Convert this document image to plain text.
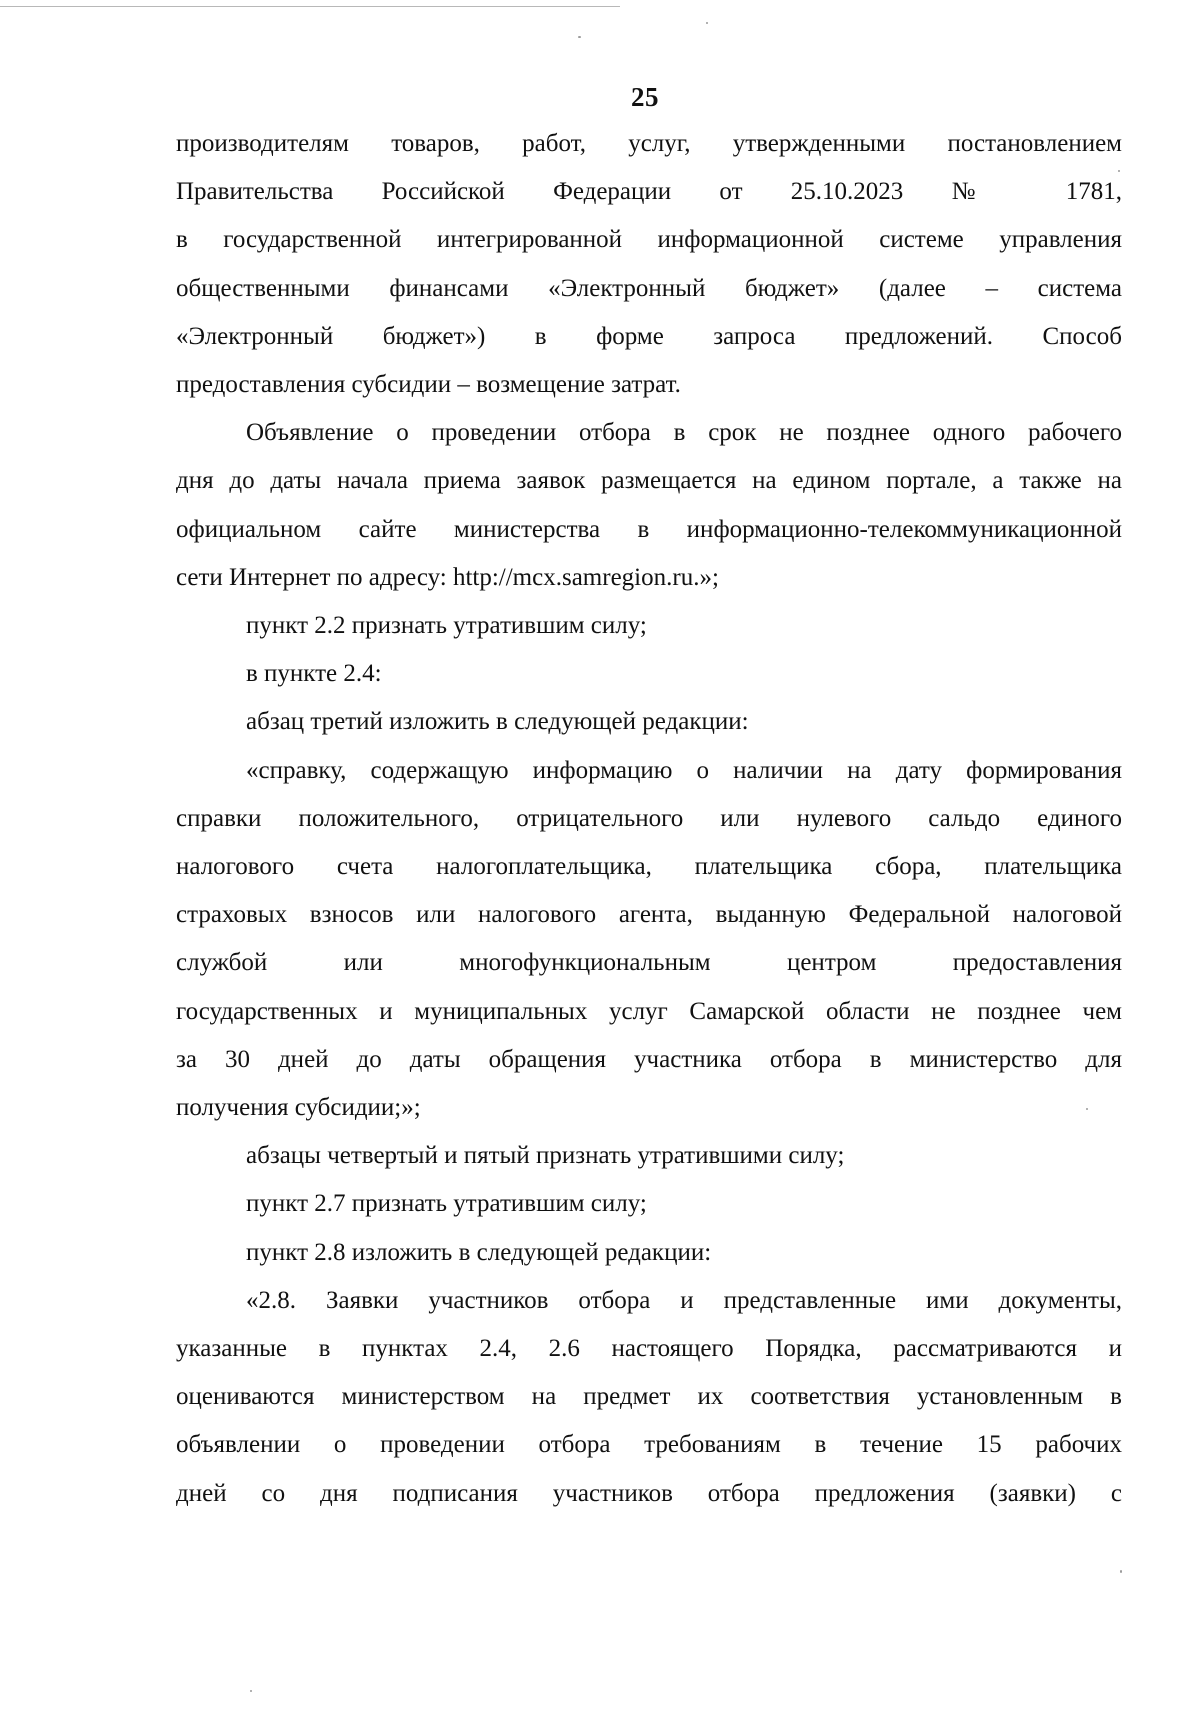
25

производителям товаров, работ, услуг, утвержденными постановлением

Правительства Российской Федерации от 25.10.2023 № 1781,

в государственной интегрированной информационной системе управления

общественными финансами «Электронный бюджет» (далее – система

«Электронный бюджет») в форме запроса предложений. Способ

предоставления субсидии – возмещение затрат.

Объявление о проведении отбора в срок не позднее одного рабочего

дня до даты начала приема заявок размещается на едином портале, а также на

официальном сайте министерства в информационно-телекоммуникационной

сети Интернет по адресу: http://mcx.samregion.ru.»;

пункт 2.2 признать утратившим силу;

в пункте 2.4:

абзац третий изложить в следующей редакции:

«справку, содержащую информацию о наличии на дату формирования

справки положительного, отрицательного или нулевого сальдо единого

налогового счета налогоплательщика, плательщика сбора, плательщика

страховых взносов или налогового агента, выданную Федеральной налоговой

службой или многофункциональным центром предоставления

государственных и муниципальных услуг Самарской области не позднее чем

за 30 дней до даты обращения участника отбора в министерство для

получения субсидии;»;

абзацы четвертый и пятый признать утратившими силу;

пункт 2.7 признать утратившим силу;

пункт 2.8 изложить в следующей редакции:

«2.8. Заявки участников отбора и представленные ими документы,

указанные в пунктах 2.4, 2.6 настоящего Порядка, рассматриваются и

оцениваются министерством на предмет их соответствия установленным в

объявлении о проведении отбора требованиям в течение 15 рабочих

дней со дня подписания участников отбора предложения (заявки) с
